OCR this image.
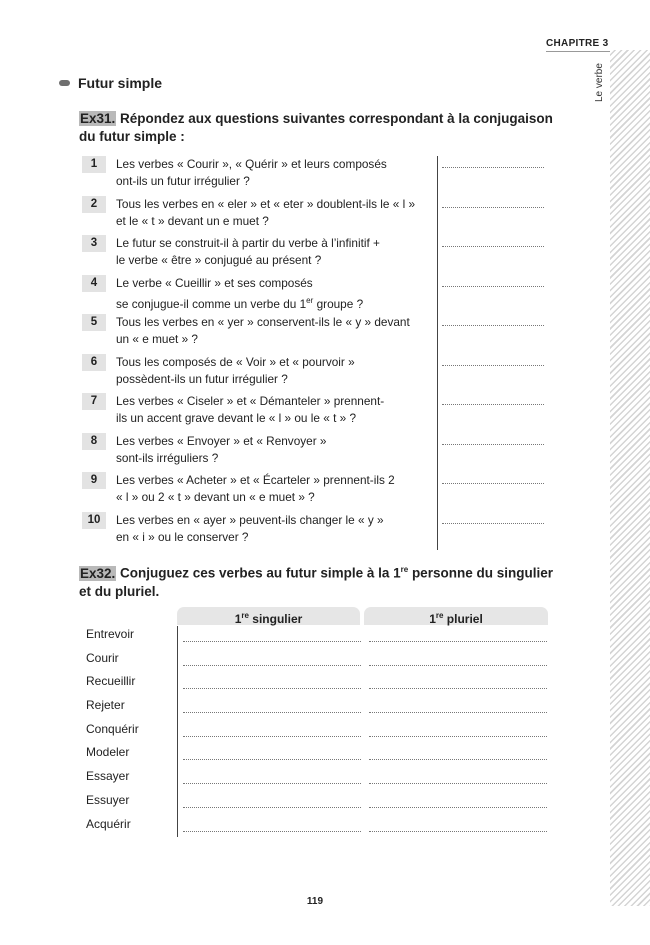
Le verbe
CHAPITRE 3
Futur simple
Ex31. Répondez aux questions suivantes correspondant à la conjugaison du futur simple :
1	Les verbes « Courir », « Quérir » et leurs composés
ont-ils un futur irrégulier ?
2	Tous les verbes en « eler » et « eter » doublent-ils le « l »
et le « t » devant un e muet ?
3	Le futur se construit-il à partir du verbe à l’infinitif +
le verbe « être » conjugué au présent ?
4	Le verbe « Cueillir » et ses composés
se conjugue-il comme un verbe du 1er groupe ?
5	Tous les verbes en « yer » conservent-ils le « y » devant
un « e muet » ?
6	Tous les composés de « Voir » et « pourvoir »
possèdent-ils un futur irrégulier ?
7	Les verbes « Ciseler » et « Démanteler » prennent-
ils un accent grave devant le « l » ou le « t » ?
8	Les verbes « Envoyer » et « Renvoyer »
sont-ils irréguliers ?
9	Les verbes « Acheter » et « Écarteler » prennent-ils 2
« l » ou 2 « t » devant un « e muet » ?
10	Les verbes en « ayer » peuvent-ils changer le « y »
en « i » ou le conserver ?
Ex32. Conjuguez ces verbes au futur simple à la 1re personne du singulier et du pluriel.
1re singulier	1re pluriel
Entrevoir
Courir
Recueillir
Rejeter
Conquérir
Modeler
Essayer
Essuyer
Acquérir
119
